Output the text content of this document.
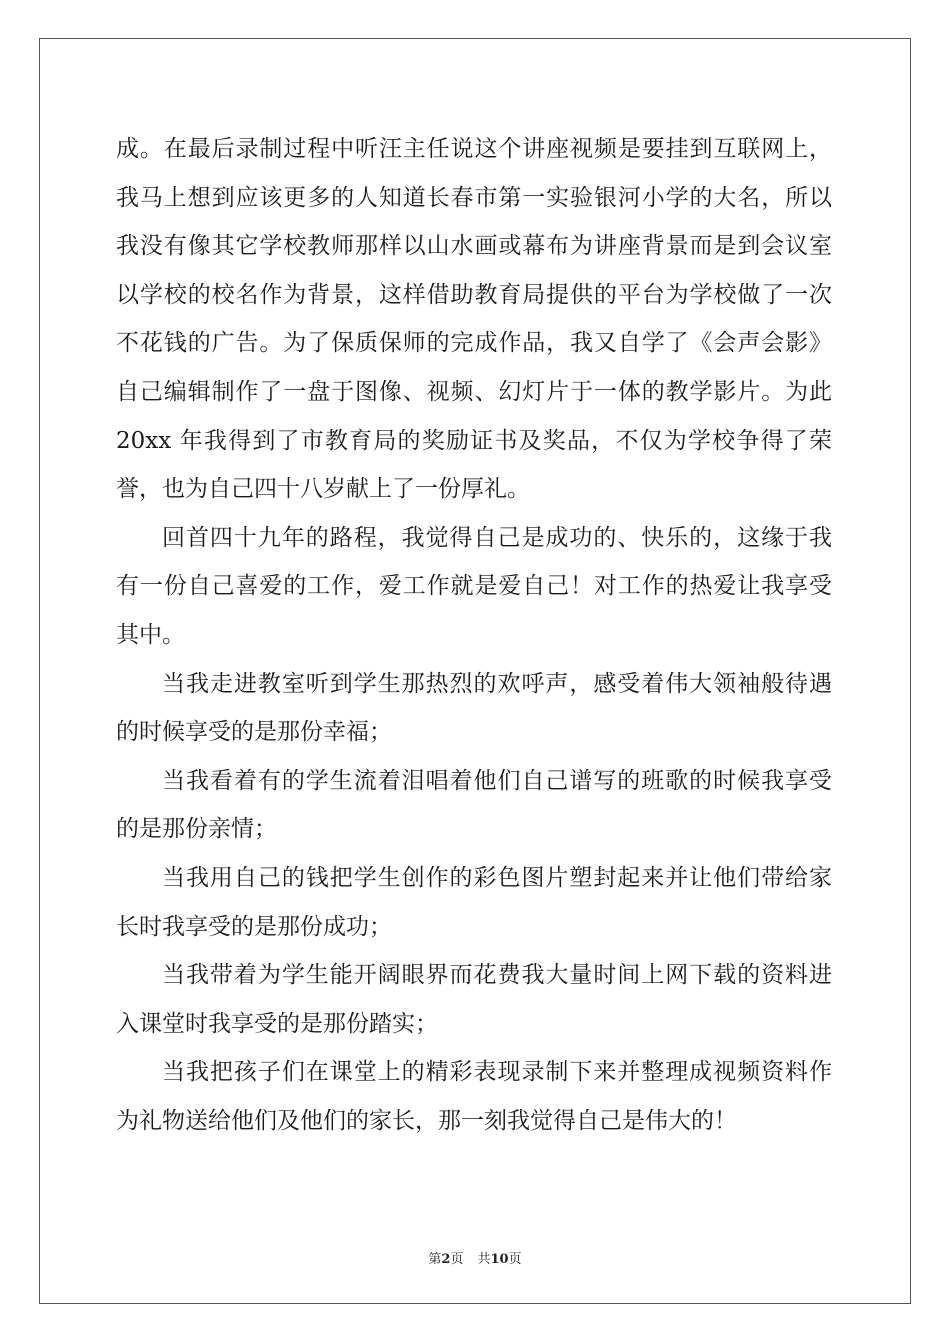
成。在最后录制过程中听汪主任说这个讲座视频是要挂到互联网上，
我马上想到应该更多的人知道长春市第一实验银河小学的大名，所以
我没有像其它学校教师那样以山水画或幕布为讲座背景而是到会议室
以学校的校名作为背景，这样借助教育局提供的平台为学校做了一次
不花钱的广告。为了保质保师的完成作品，我又自学了《会声会影》
自己编辑制作了一盘于图像、视频、幻灯片于一体的教学影片。为此
20xx 年我得到了市教育局的奖励证书及奖品，不仅为学校争得了荣
誉，也为自己四十八岁献上了一份厚礼。
回首四十九年的路程，我觉得自己是成功的、快乐的，这缘于我
有一份自己喜爱的工作，爱工作就是爱自己！对工作的热爱让我享受
其中。
当我走进教室听到学生那热烈的欢呼声，感受着伟大领袖般待遇
的时候享受的是那份幸福；
当我看着有的学生流着泪唱着他们自己谱写的班歌的时候我享受
的是那份亲情；
当我用自己的钱把学生创作的彩色图片塑封起来并让他们带给家
长时我享受的是那份成功；
当我带着为学生能开阔眼界而花费我大量时间上网下载的资料进
入课堂时我享受的是那份踏实；
当我把孩子们在课堂上的精彩表现录制下来并整理成视频资料作
为礼物送给他们及他们的家长，那一刻我觉得自己是伟大的！
第2页 共10页
